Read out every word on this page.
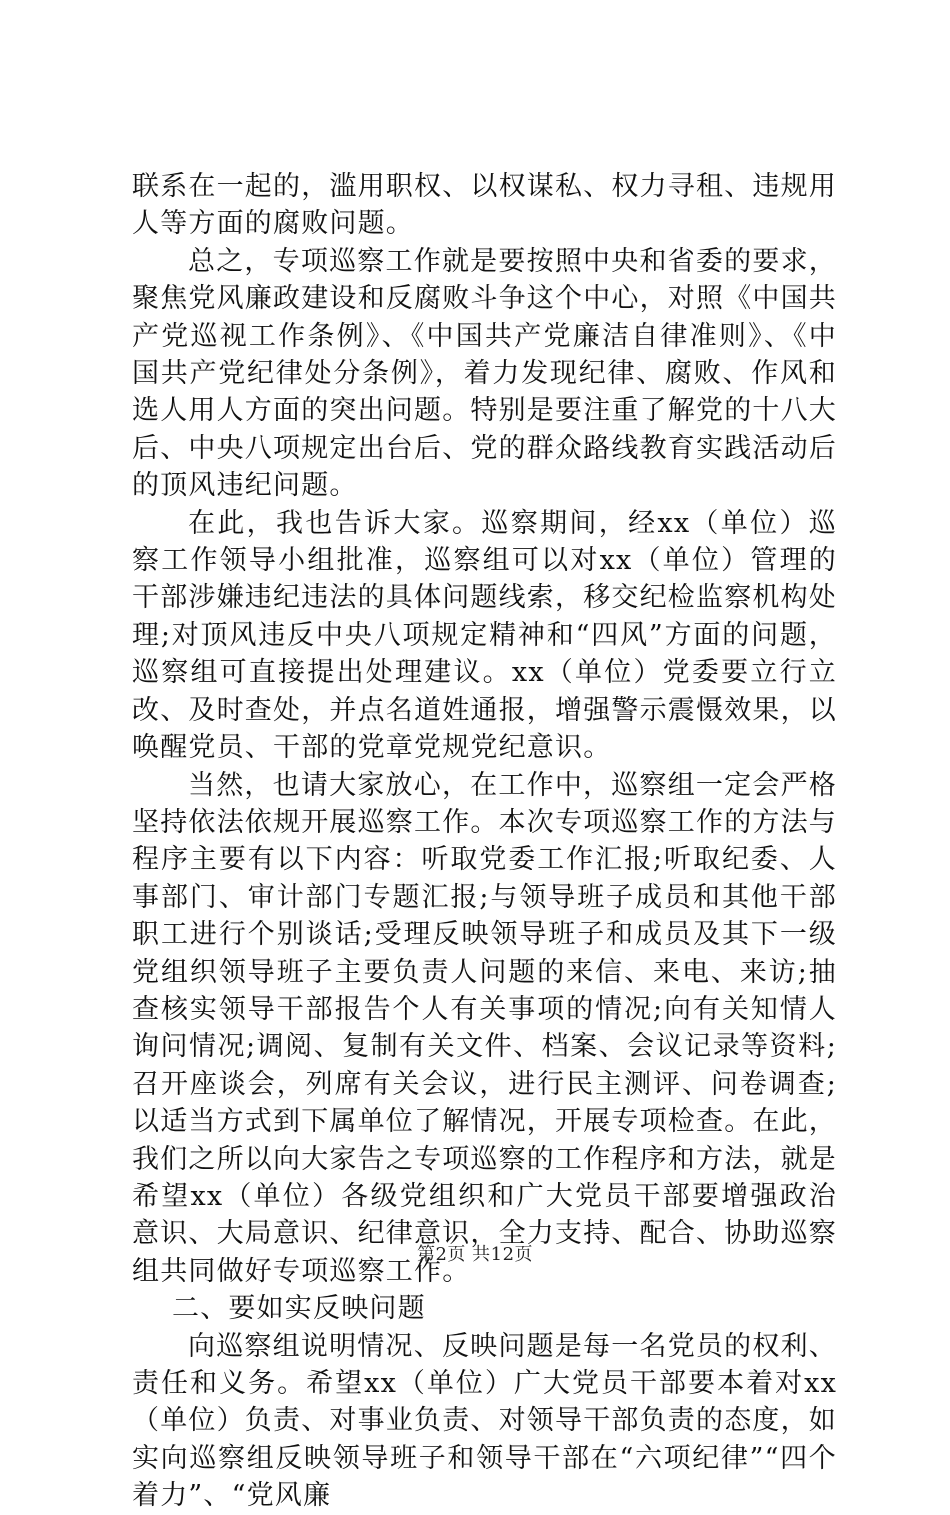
联系在一起的，滥用职权、以权谋私、权力寻租、违规用人等方面的腐败问题。

总之，专项巡察工作就是要按照中央和省委的要求，聚焦党风廉政建设和反腐败斗争这个中心，对照《中国共产党巡视工作条例》、《中国共产党廉洁自律准则》、《中国共产党纪律处分条例》，着力发现纪律、腐败、作风和选人用人方面的突出问题。特别是要注重了解党的十八大后、中央八项规定出台后、党的群众路线教育实践活动后的顶风违纪问题。

在此，我也告诉大家。巡察期间，经xx（单位）巡察工作领导小组批准，巡察组可以对xx（单位）管理的干部涉嫌违纪违法的具体问题线索，移交纪检监察机构处理;对顶风违反中央八项规定精神和“四风”方面的问题，巡察组可直接提出处理建议。xx（单位）党委要立行立改、及时查处，并点名道姓通报，增强警示震慑效果，以唤醒党员、干部的党章党规党纪意识。

当然，也请大家放心，在工作中，巡察组一定会严格坚持依法依规开展巡察工作。本次专项巡察工作的方法与程序主要有以下内容：听取党委工作汇报;听取纪委、人事部门、审计部门专题汇报;与领导班子成员和其他干部职工进行个别谈话;受理反映领导班子和成员及其下一级党组织领导班子主要负责人问题的来信、来电、来访;抽查核实领导干部报告个人有关事项的情况;向有关知情人询问情况;调阅、复制有关文件、档案、会议记录等资料;召开座谈会，列席有关会议，进行民主测评、问卷调查;以适当方式到下属单位了解情况，开展专项检查。在此，我们之所以向大家告之专项巡察的工作程序和方法，就是希望xx（单位）各级党组织和广大党员干部要增强政治意识、大局意识、纪律意识，全力支持、配合、协助巡察组共同做好专项巡察工作。

二、要如实反映问题

向巡察组说明情况、反映问题是每一名党员的权利、责任和义务。希望xx（单位）广大党员干部要本着对xx（单位）负责、对事业负责、对领导干部负责的态度，如实向巡察组反映领导班子和领导干部在“六项纪律”“四个着力”、“党风廉

第2页 共12页
